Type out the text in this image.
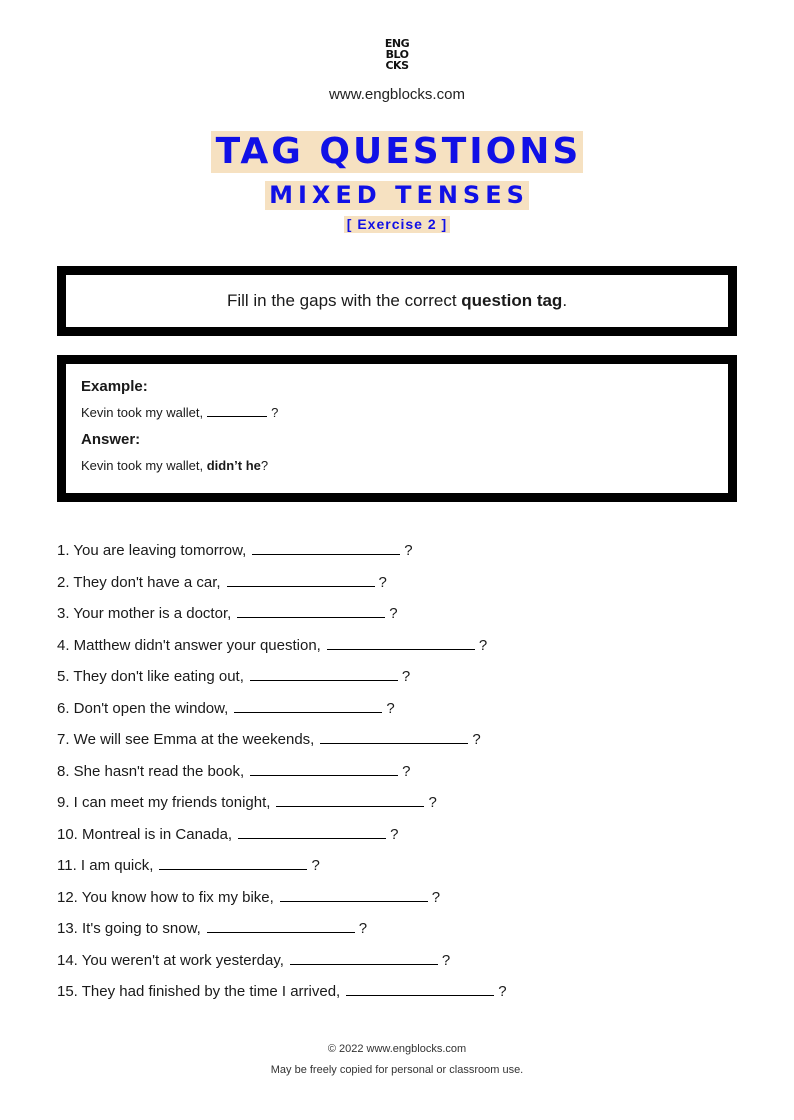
ENG
BLO
CKS
www.engblocks.com
TAG QUESTIONS
MIXED TENSES
[ Exercise 2 ]
Fill in the gaps with the correct question tag.
Example:
Kevin took my wallet,	?
Answer:
Kevin took my wallet, didn’t he?
1. You are leaving tomorrow,	?
2. They don't have a car,	?
3. Your mother is a doctor,	?
4. Matthew didn't answer your question,	?
5. They don't like eating out,	?
6. Don't open the window,	?
7. We will see Emma at the weekends,	?
8. She hasn't read the book,	?
9. I can meet my friends tonight,	?
10. Montreal is in Canada,	?
11. I am quick,	?
12. You know how to fix my bike,	?
13. It's going to snow,	?
14. You weren't at work yesterday,	?
15. They had finished by the time I arrived,	?
© 2022 www.engblocks.com
May be freely copied for personal or classroom use.
